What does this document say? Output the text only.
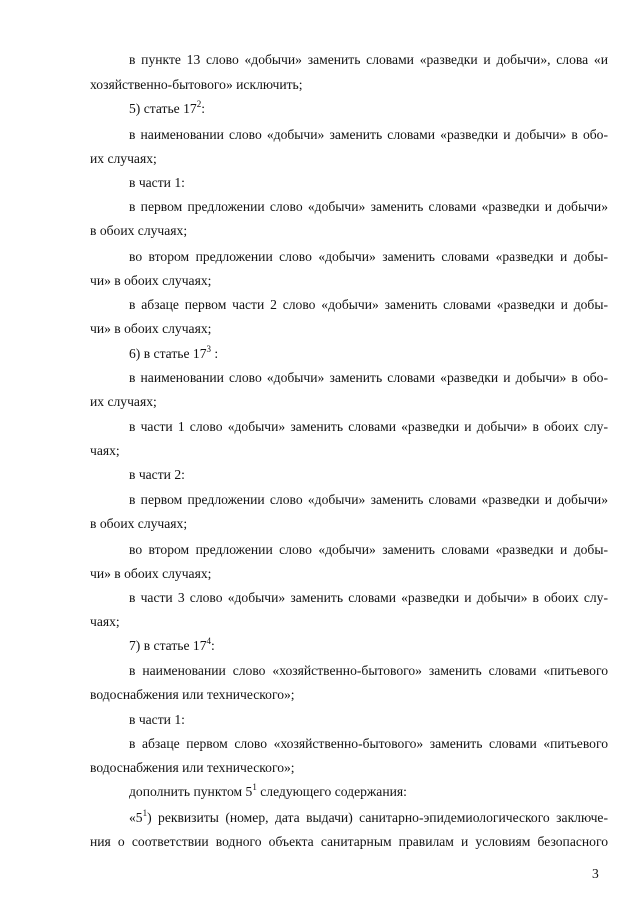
в пункте 13 слово «добычи» заменить словами «разведки и добычи», слова «и
хозяйственно-бытового» исключить;
5) статье $17^2$:
в наименовании слово «добычи» заменить словами «разведки и добычи» в обо-
их случаях;
в части 1:
в первом предложении слово «добычи» заменить словами «разведки и добычи»
в обоих случаях;
во втором предложении слово «добычи» заменить словами «разведки и добы-
чи» в обоих случаях;
в абзаце первом части 2 слово «добычи» заменить словами «разведки и добы-
чи» в обоих случаях;
6) в статье $17^3$ :
в наименовании слово «добычи» заменить словами «разведки и добычи» в обо-
их случаях;
в части 1 слово «добычи» заменить словами «разведки и добычи» в обоих слу-
чаях;
в части 2:
в первом предложении слово «добычи» заменить словами «разведки и добычи»
в обоих случаях;
во втором предложении слово «добычи» заменить словами «разведки и добы-
чи» в обоих случаях;
в части 3 слово «добычи» заменить словами «разведки и добычи» в обоих слу-
чаях;
7) в статье $17^4$:
в наименовании слово «хозяйственно-бытового» заменить словами «питьевого
водоснабжения или технического»;
в части 1:
в абзаце первом слово «хозяйственно-бытового» заменить словами «питьевого
водоснабжения или технического»;
дополнить пунктом $5^1$ следующего содержания:
«$5^1$) реквизиты (номер, дата выдачи) санитарно-эпидемиологического заключе-
ния о соответствии водного объекта санитарным правилам и условиям безопасного
3
